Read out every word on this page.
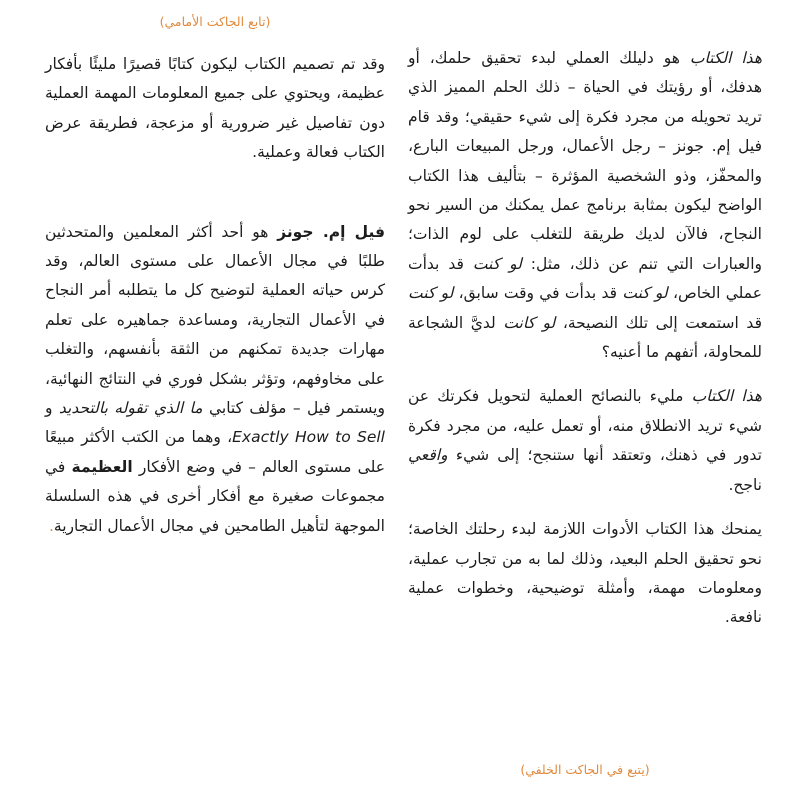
(تابع الجاكت الأمامي)

هذا الكتاب هو دليلك العملي لبدء تحقيق حلمك، أو هدفك، أو رؤيتك في الحياة – ذلك الحلم المميز الذي تريد تحويله من مجرد فكرة إلى شيء حقيقي؛ وقد قام فيل إم. جونز – رجل الأعمال، ورجل المبيعات البارع، والمحفّز، وذو الشخصية المؤثرة – بتأليف هذا الكتاب الواضح ليكون بمثابة برنامج عمل يمكنك من السير نحو النجاح، فالآن لديك طريقة للتغلب على لوم الذات؛ والعبارات التي تنم عن ذلك، مثل: لو كنت قد بدأت عملي الخاص، لو كنت قد بدأت في وقت سابق، لو كنت قد استمعت إلى تلك النصيحة، لو كانت لديَّ الشجاعة للمحاولة، أتفهم ما أعنيه؟

هذا الكتاب مليء بالنصائح العملية لتحويل فكرتك عن شيء تريد الانطلاق منه، أو تعمل عليه، من مجرد فكرة تدور في ذهنك، وتعتقد أنها ستنجح؛ إلى شيء واقعي ناجح.

يمنحك هذا الكتاب الأدوات اللازمة لبدء رحلتك الخاصة؛ نحو تحقيق الحلم البعيد، وذلك لما به من تجارب عملية، ومعلومات مهمة، وأمثلة توضيحية، وخطوات عملية نافعة.

وقد تم تصميم الكتاب ليكون كتابًا قصيرًا مليئًا بأفكار عظيمة، ويحتوي على جميع المعلومات المهمة العملية دون تفاصيل غير ضرورية أو مزعجة، فطريقة عرض الكتاب فعالة وعملية.

فيل إم. جونز هو أحد أكثر المعلمين والمتحدثين طلبًا في مجال الأعمال على مستوى العالم، وقد كرس حياته العملية لتوضيح كل ما يتطلبه أمر النجاح في الأعمال التجارية، ومساعدة جماهيره على تعلم مهارات جديدة تمكنهم من الثقة بأنفسهم، والتغلب على مخاوفهم، وتؤثر بشكل فوري في النتائج النهائية، ويستمر فيل – مؤلف كتابي ما الذي تقوله بالتحديد و Exactly How to Sell، وهما من الكتب الأكثر مبيعًا على مستوى العالم – في وضع الأفكار العظيمة في مجموعات صغيرة مع أفكار أخرى في هذه السلسلة الموجهة لتأهيل الطامحين في مجال الأعمال التجارية.

(يتبع في الجاكت الخلفي)
